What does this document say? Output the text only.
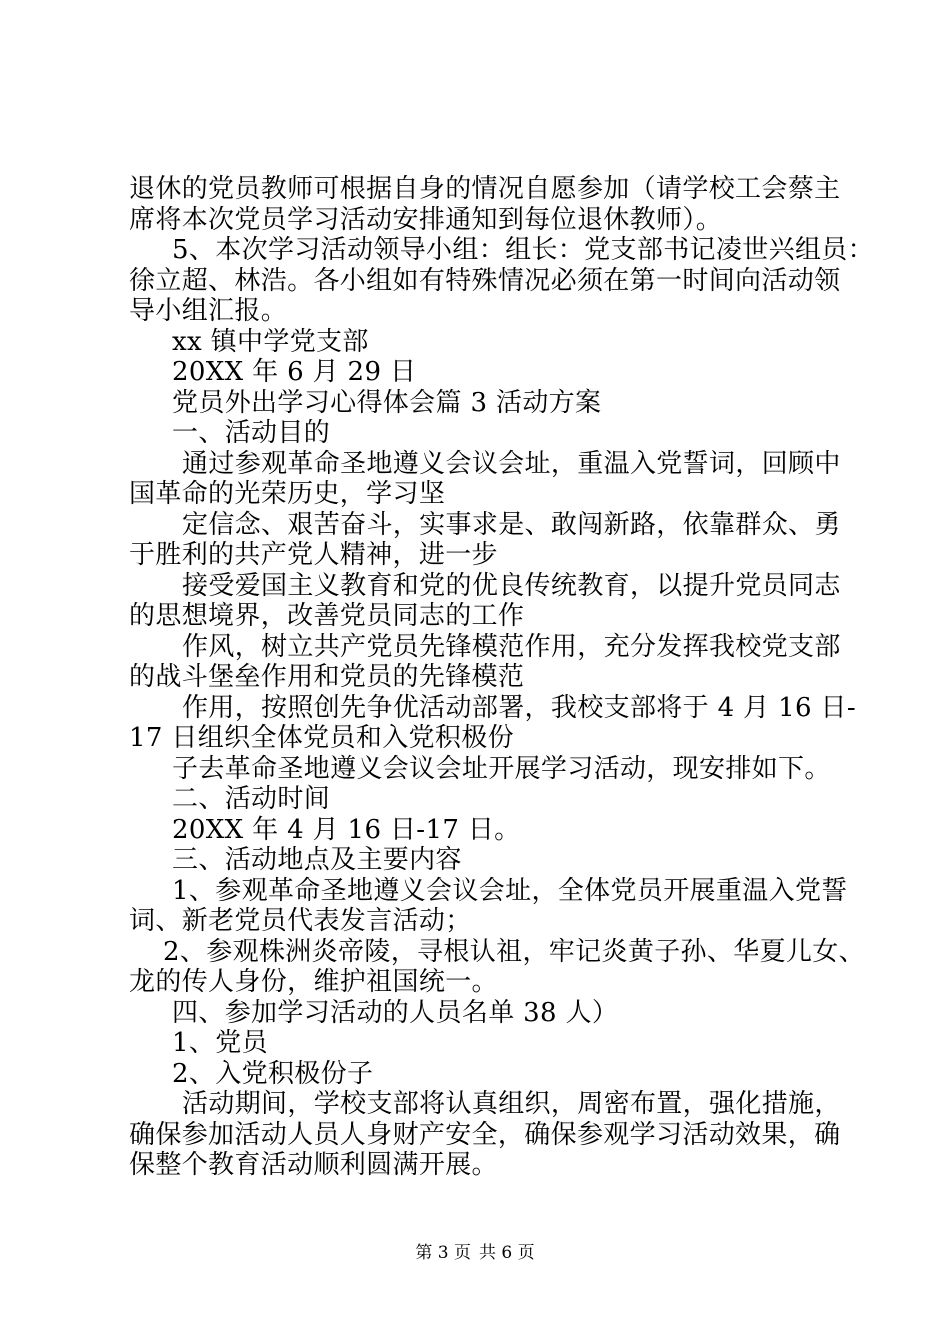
退休的党员教师可根据自身的情况自愿参加（请学校工会蔡主
席将本次党员学习活动安排通知到每位退休教师）。
5、本次学习活动领导小组：组长：党支部书记凌世兴组员：
徐立超、林浩。各小组如有特殊情况必须在第一时间向活动领
导小组汇报。
xx 镇中学党支部
20XX 年 6 月 29 日
党员外出学习心得体会篇 3 活动方案
一、活动目的
通过参观革命圣地遵义会议会址，重温入党誓词，回顾中
国革命的光荣历史，学习坚
定信念、艰苦奋斗，实事求是、敢闯新路，依靠群众、勇
于胜利的共产党人精神，进一步
接受爱国主义教育和党的优良传统教育，以提升党员同志
的思想境界，改善党员同志的工作
作风，树立共产党员先锋模范作用，充分发挥我校党支部
的战斗堡垒作用和党员的先锋模范
作用，按照创先争优活动部署，我校支部将于 4 月 16 日-
17 日组织全体党员和入党积极份
子去革命圣地遵义会议会址开展学习活动，现安排如下。
二、活动时间
20XX 年 4 月 16 日-17 日。
三、活动地点及主要内容
1、参观革命圣地遵义会议会址，全体党员开展重温入党誓
词、新老党员代表发言活动；
2、参观株洲炎帝陵，寻根认祖，牢记炎黄子孙、华夏儿女、
龙的传人身份，维护祖国统一。
四、参加学习活动的人员名单 38 人）
1、党员
2、入党积极份子
活动期间，学校支部将认真组织，周密布置，强化措施，
确保参加活动人员人身财产安全，确保参观学习活动效果，确
保整个教育活动顺利圆满开展。
第 3 页 共 6 页
